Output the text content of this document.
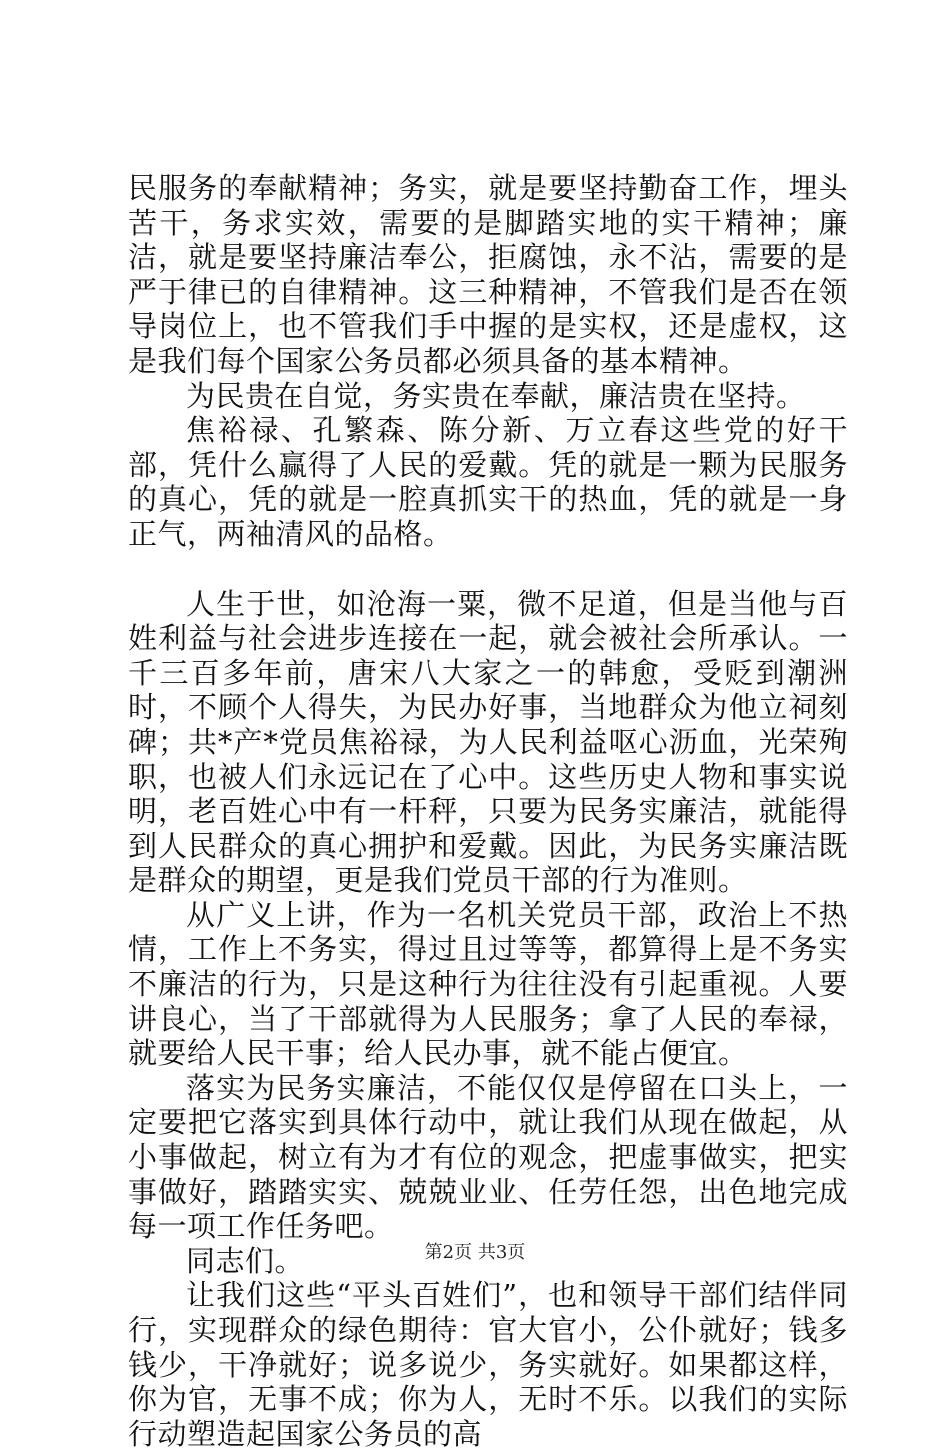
民服务的奉献精神；务实，就是要坚持勤奋工作，埋头苦干，务求实效，需要的是脚踏实地的实干精神；廉洁，就是要坚持廉洁奉公，拒腐蚀，永不沾，需要的是严于律已的自律精神。这三种精神，不管我们是否在领导岗位上，也不管我们手中握的是实权，还是虚权，这是我们每个国家公务员都必须具备的基本精神。

为民贵在自觉，务实贵在奉献，廉洁贵在坚持。

焦裕禄、孔繁森、陈分新、万立春这些党的好干部，凭什么赢得了人民的爱戴。凭的就是一颗为民服务的真心，凭的就是一腔真抓实干的热血，凭的就是一身正气，两袖清风的品格。

人生于世，如沧海一粟，微不足道，但是当他与百姓利益与社会进步连接在一起，就会被社会所承认。一千三百多年前，唐宋八大家之一的韩愈，受贬到潮洲时，不顾个人得失，为民办好事，当地群众为他立祠刻碑；共*产*党员焦裕禄，为人民利益呕心沥血，光荣殉职，也被人们永远记在了心中。这些历史人物和事实说明，老百姓心中有一杆秤，只要为民务实廉洁，就能得到人民群众的真心拥护和爱戴。因此，为民务实廉洁既是群众的期望，更是我们党员干部的行为准则。

从广义上讲，作为一名机关党员干部，政治上不热情，工作上不务实，得过且过等等，都算得上是不务实不廉洁的行为，只是这种行为往往没有引起重视。人要讲良心，当了干部就得为人民服务；拿了人民的奉禄，就要给人民干事；给人民办事，就不能占便宜。

落实为民务实廉洁，不能仅仅是停留在口头上，一定要把它落实到具体行动中，就让我们从现在做起，从小事做起，树立有为才有位的观念，把虚事做实，把实事做好，踏踏实实、兢兢业业、任劳任怨，出色地完成每一项工作任务吧。

同志们。

让我们这些“平头百姓们”，也和领导干部们结伴同行，实现群众的绿色期待：官大官小，公仆就好；钱多钱少，干净就好；说多说少，务实就好。如果都这样，你为官，无事不成；你为人，无时不乐。以我们的实际行动塑造起国家公务员的高

第2页 共3页
